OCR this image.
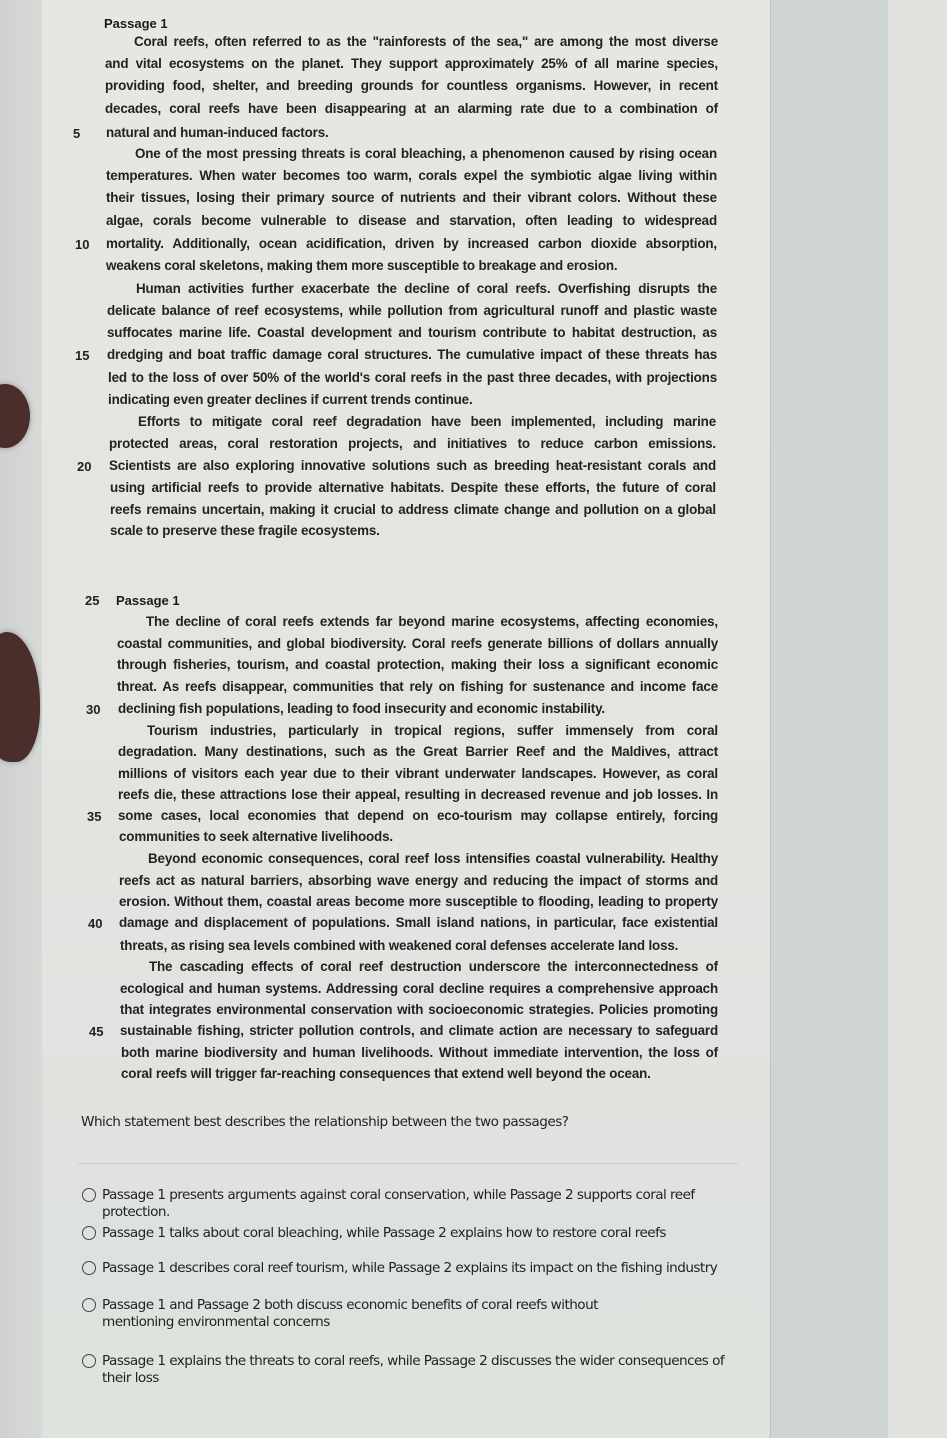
Passage 1
Coral reefs, often referred to as the "rainforests of the sea," are among the most diverse
and vital ecosystems on the planet. They support approximately 25% of all marine species,
providing food, shelter, and breeding grounds for countless organisms. However, in recent
decades, coral reefs have been disappearing at an alarming rate due to a combination of
5 natural and human-induced factors.
One of the most pressing threats is coral bleaching, a phenomenon caused by rising ocean
temperatures. When water becomes too warm, corals expel the symbiotic algae living within
their tissues, losing their primary source of nutrients and their vibrant colors. Without these
algae, corals become vulnerable to disease and starvation, often leading to widespread
10 mortality. Additionally, ocean acidification, driven by increased carbon dioxide absorption,
weakens coral skeletons, making them more susceptible to breakage and erosion.
Human activities further exacerbate the decline of coral reefs. Overfishing disrupts the
delicate balance of reef ecosystems, while pollution from agricultural runoff and plastic waste
suffocates marine life. Coastal development and tourism contribute to habitat destruction, as
15 dredging and boat traffic damage coral structures. The cumulative impact of these threats has
led to the loss of over 50% of the world's coral reefs in the past three decades, with projections
indicating even greater declines if current trends continue.
Efforts to mitigate coral reef degradation have been implemented, including marine
protected areas, coral restoration projects, and initiatives to reduce carbon emissions.
20 Scientists are also exploring innovative solutions such as breeding heat-resistant corals and
using artificial reefs to provide alternative habitats. Despite these efforts, the future of coral
reefs remains uncertain, making it crucial to address climate change and pollution on a global
scale to preserve these fragile ecosystems.
25 Passage 1
The decline of coral reefs extends far beyond marine ecosystems, affecting economies,
coastal communities, and global biodiversity. Coral reefs generate billions of dollars annually
through fisheries, tourism, and coastal protection, making their loss a significant economic
threat. As reefs disappear, communities that rely on fishing for sustenance and income face
30 declining fish populations, leading to food insecurity and economic instability.
Tourism industries, particularly in tropical regions, suffer immensely from coral
degradation. Many destinations, such as the Great Barrier Reef and the Maldives, attract
millions of visitors each year due to their vibrant underwater landscapes. However, as coral
reefs die, these attractions lose their appeal, resulting in decreased revenue and job losses. In
35 some cases, local economies that depend on eco-tourism may collapse entirely, forcing
communities to seek alternative livelihoods.
Beyond economic consequences, coral reef loss intensifies coastal vulnerability. Healthy
reefs act as natural barriers, absorbing wave energy and reducing the impact of storms and
erosion. Without them, coastal areas become more susceptible to flooding, leading to property
40 damage and displacement of populations. Small island nations, in particular, face existential
threats, as rising sea levels combined with weakened coral defenses accelerate land loss.
The cascading effects of coral reef destruction underscore the interconnectedness of
ecological and human systems. Addressing coral decline requires a comprehensive approach
that integrates environmental conservation with socioeconomic strategies. Policies promoting
45 sustainable fishing, stricter pollution controls, and climate action are necessary to safeguard
both marine biodiversity and human livelihoods. Without immediate intervention, the loss of
coral reefs will trigger far-reaching consequences that extend well beyond the ocean.
Which statement best describes the relationship between the two passages?
Passage 1 presents arguments against coral conservation, while Passage 2 supports coral reef protection.
Passage 1 talks about coral bleaching, while Passage 2 explains how to restore coral reefs
Passage 1 describes coral reef tourism, while Passage 2 explains its impact on the fishing industry
Passage 1 and Passage 2 both discuss economic benefits of coral reefs without mentioning environmental concerns
Passage 1 explains the threats to coral reefs, while Passage 2 discusses the wider consequences of their loss
